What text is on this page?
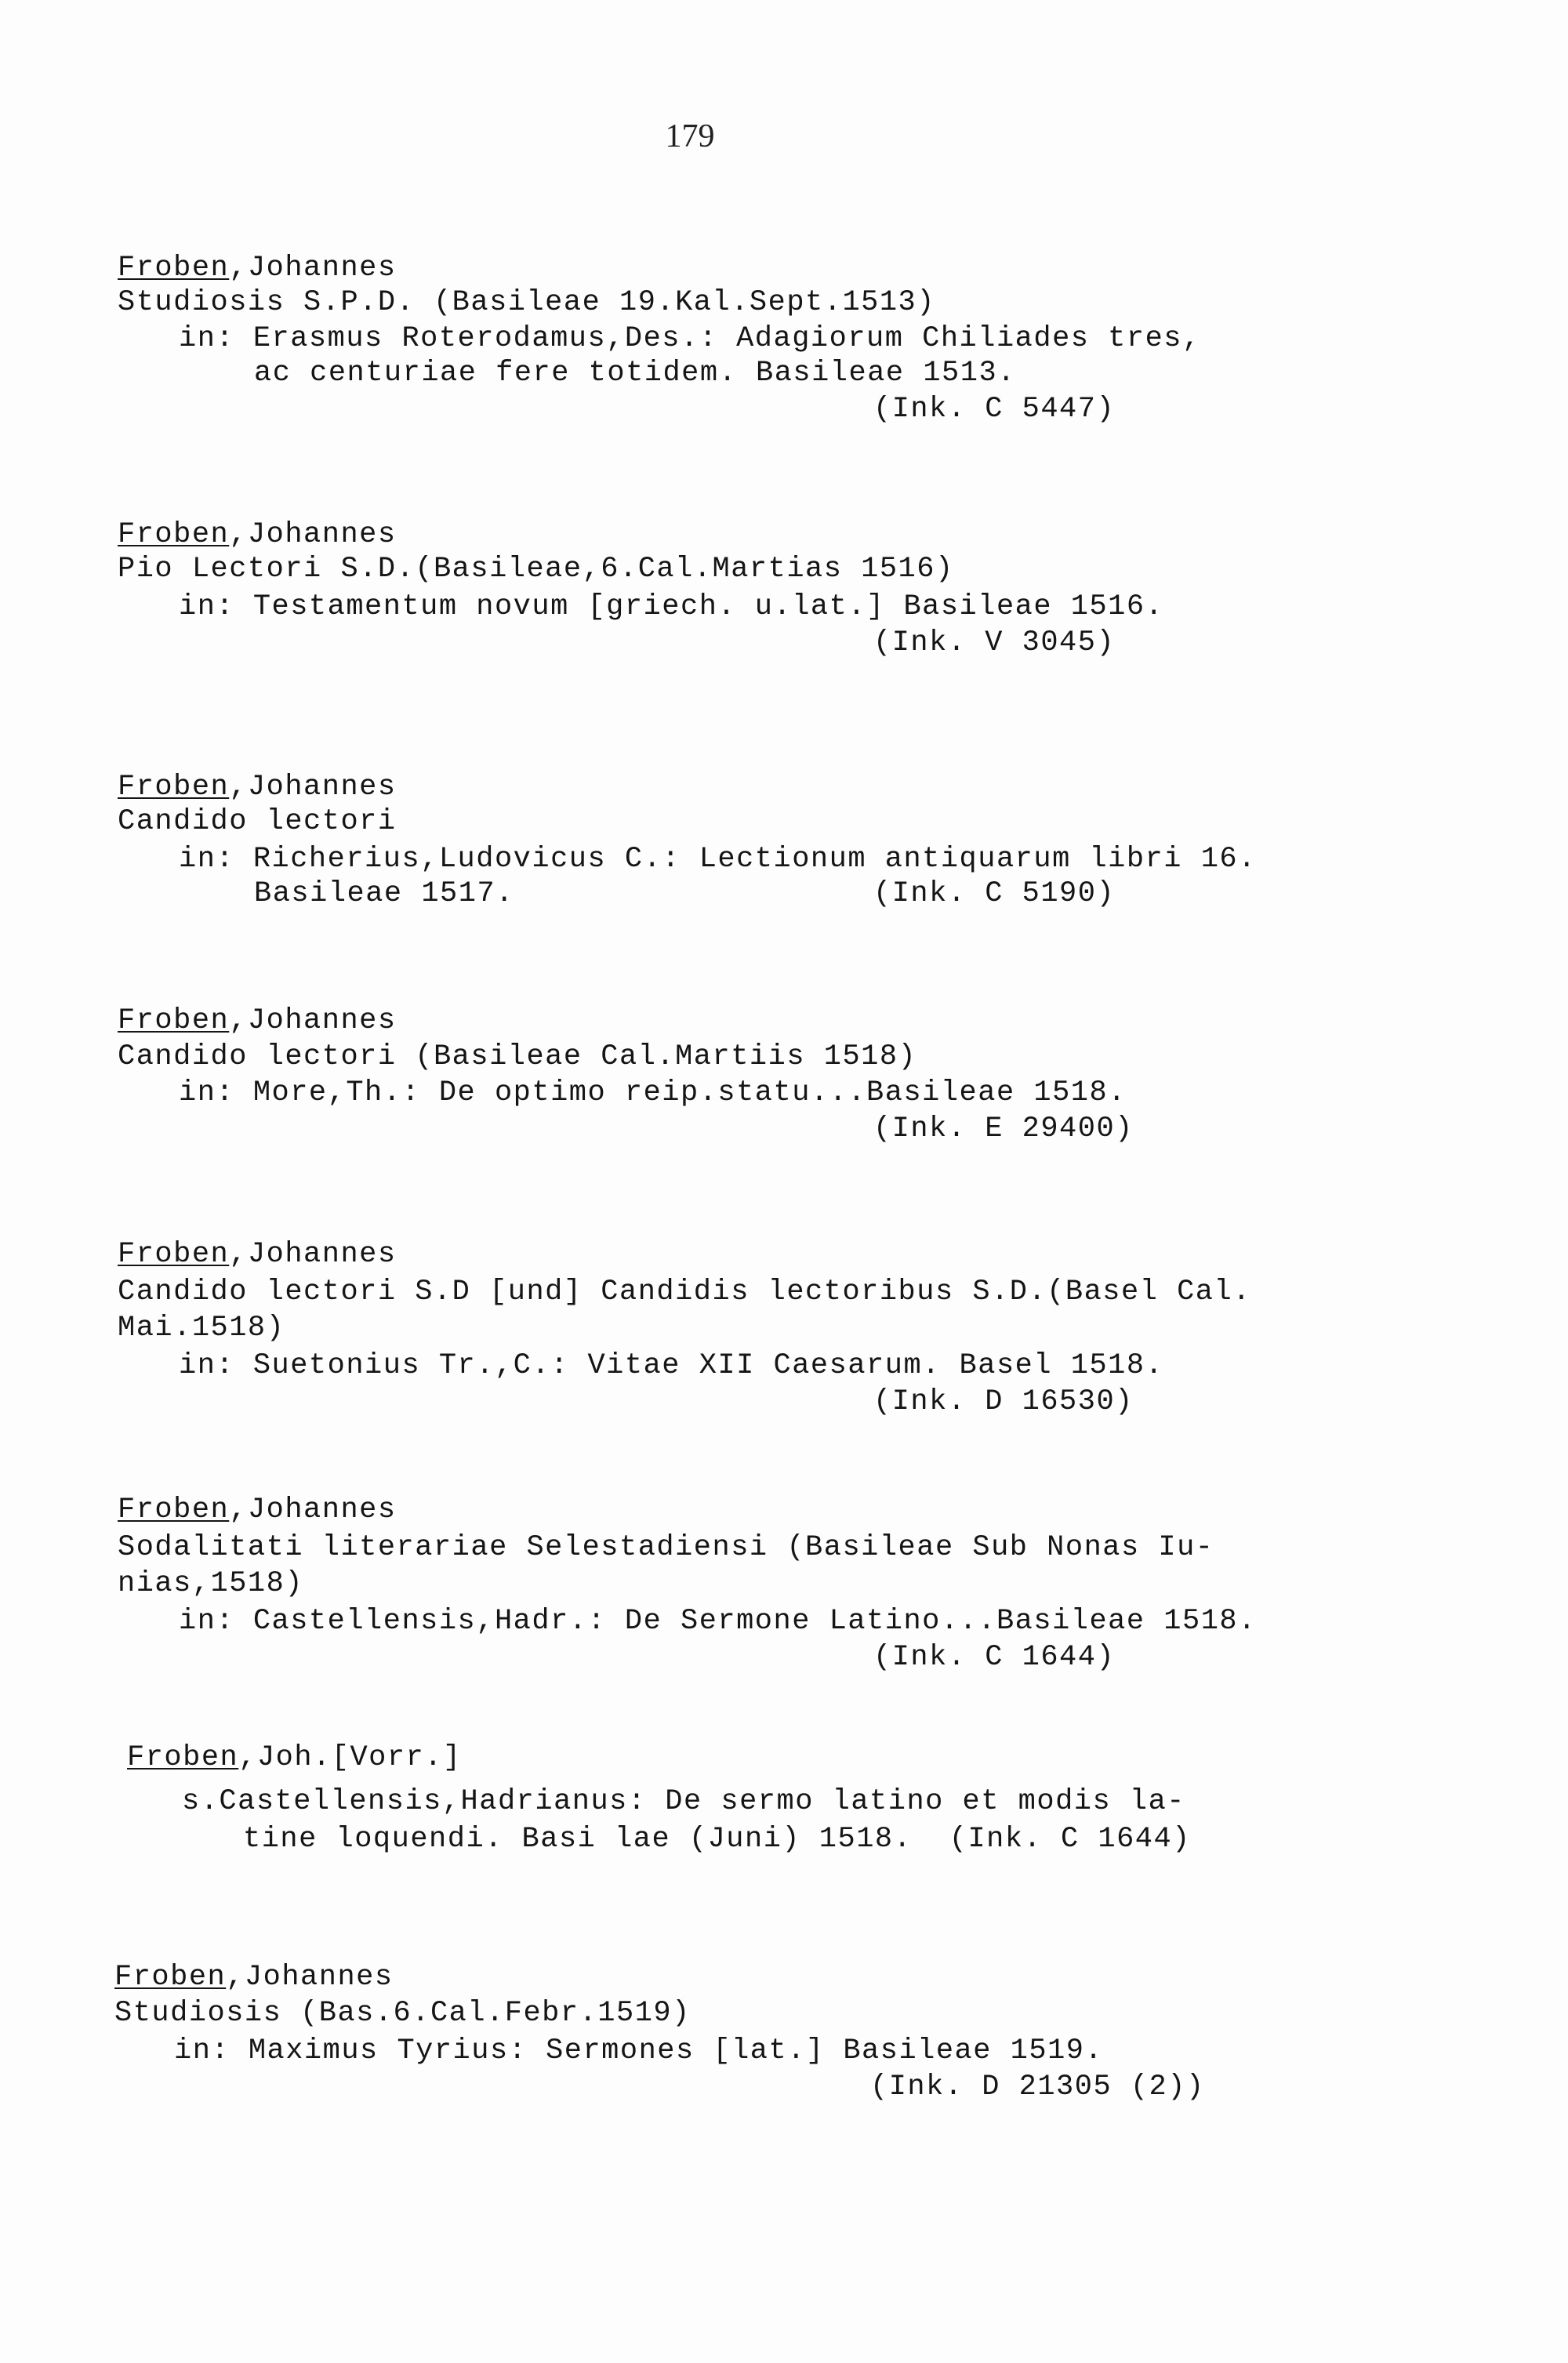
179
Froben,Johannes
Studiosis S.P.D. (Basileae 19.Kal.Sept.1513)
in: Erasmus Roterodamus,Des.: Adagiorum Chiliades tres,
ac centuriae fere totidem. Basileae 1513.
(Ink. C 5447)
Froben,Johannes
Pio Lectori S.D.(Basileae,6.Cal.Martias 1516)
in: Testamentum novum [griech. u.lat.] Basileae 1516.
(Ink. V 3045)
Froben,Johannes
Candido lectori
in: Richerius,Ludovicus C.: Lectionum antiquarum libri 16.
Basileae 1517.	(Ink. C 5190)
Froben,Johannes
Candido lectori (Basileae Cal.Martiis 1518)
in: More,Th.: De optimo reip.statu...Basileae 1518.
(Ink. E 29400)
Froben,Johannes
Candido lectori S.D [und] Candidis lectoribus S.D.(Basel Cal.
Mai.1518)
in: Suetonius Tr.,C.: Vitae XII Caesarum. Basel 1518.
(Ink. D 16530)
Froben,Johannes
Sodalitati literariae Selestadiensi (Basileae Sub Nonas Iu-
nias,1518)
in: Castellensis,Hadr.: De Sermone Latino...Basileae 1518.
(Ink. C 1644)
Froben,Joh.[Vorr.]
s.Castellensis,Hadrianus: De sermo latino et modis la-
tine loquendi. Basi lae (Juni) 1518.  (Ink. C 1644)
Froben,Johannes
Studiosis (Bas.6.Cal.Febr.1519)
in: Maximus Tyrius: Sermones [lat.] Basileae 1519.
(Ink. D 21305 (2))
